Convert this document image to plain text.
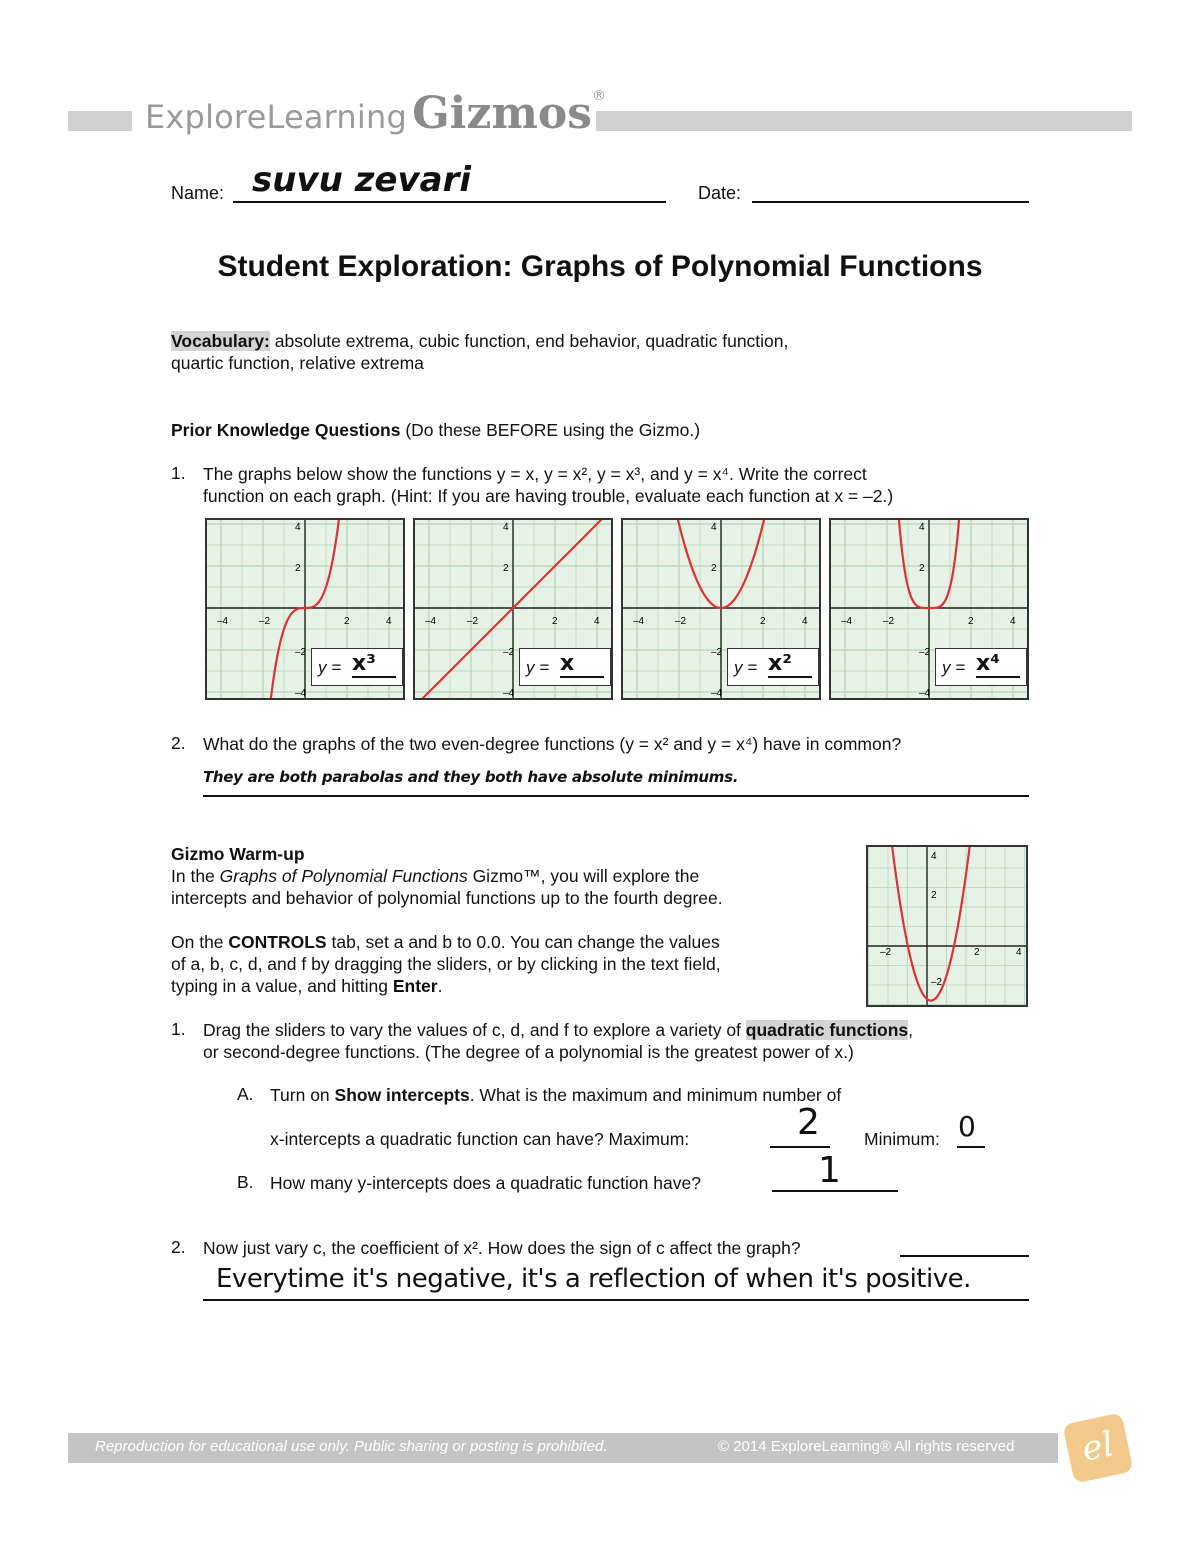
ExploreLearning Gizmos®
Name: suvu zevari	Date:
Student Exploration: Graphs of Polynomial Functions
Vocabulary: absolute extrema, cubic function, end behavior, quadratic function,
quartic function, relative extrema
Prior Knowledge Questions (Do these BEFORE using the Gizmo.)
1. The graphs below show the functions y = x, y = x², y = x³, and y = x⁴. Write the correct
function on each graph. (Hint: If you are having trouble, evaluate each function at x = –2.)
4
2
–2
–4
–4	–2	2	4
y = x³
4
2
–2
–4
–4	–2	2	4
y = x
4
2
–2
–4
–4	–2	2	4
y = x²
4
2
–2
–4
–4	–2	2	4
y = x⁴
2. What do the graphs of the two even-degree functions (y = x² and y = x⁴) have in common?
They are both parabolas and they both have absolute minimums.
Gizmo Warm-up
In the Graphs of Polynomial Functions Gizmo™, you will explore the
intercepts and behavior of polynomial functions up to the fourth degree.

On the CONTROLS tab, set a and b to 0.0. You can change the values
of a, b, c, d, and f by dragging the sliders, or by clicking in the text field,
typing in a value, and hitting Enter.
4
2
–2	2	4
–2
1. Drag the sliders to vary the values of c, d, and f to explore a variety of quadratic functions,
or second-degree functions. (The degree of a polynomial is the greatest power of x.)
A. Turn on Show intercepts. What is the maximum and minimum number of
x-intercepts a quadratic function can have? Maximum:	2	Minimum: 0
B. How many y-intercepts does a quadratic function have?	1
2. Now just vary c, the coefficient of x². How does the sign of c affect the graph?
Everytime it's negative, it's a reflection of when it's positive.
Reproduction for educational use only. Public sharing or posting is prohibited.	© 2014 ExploreLearning® All rights reserved	el
